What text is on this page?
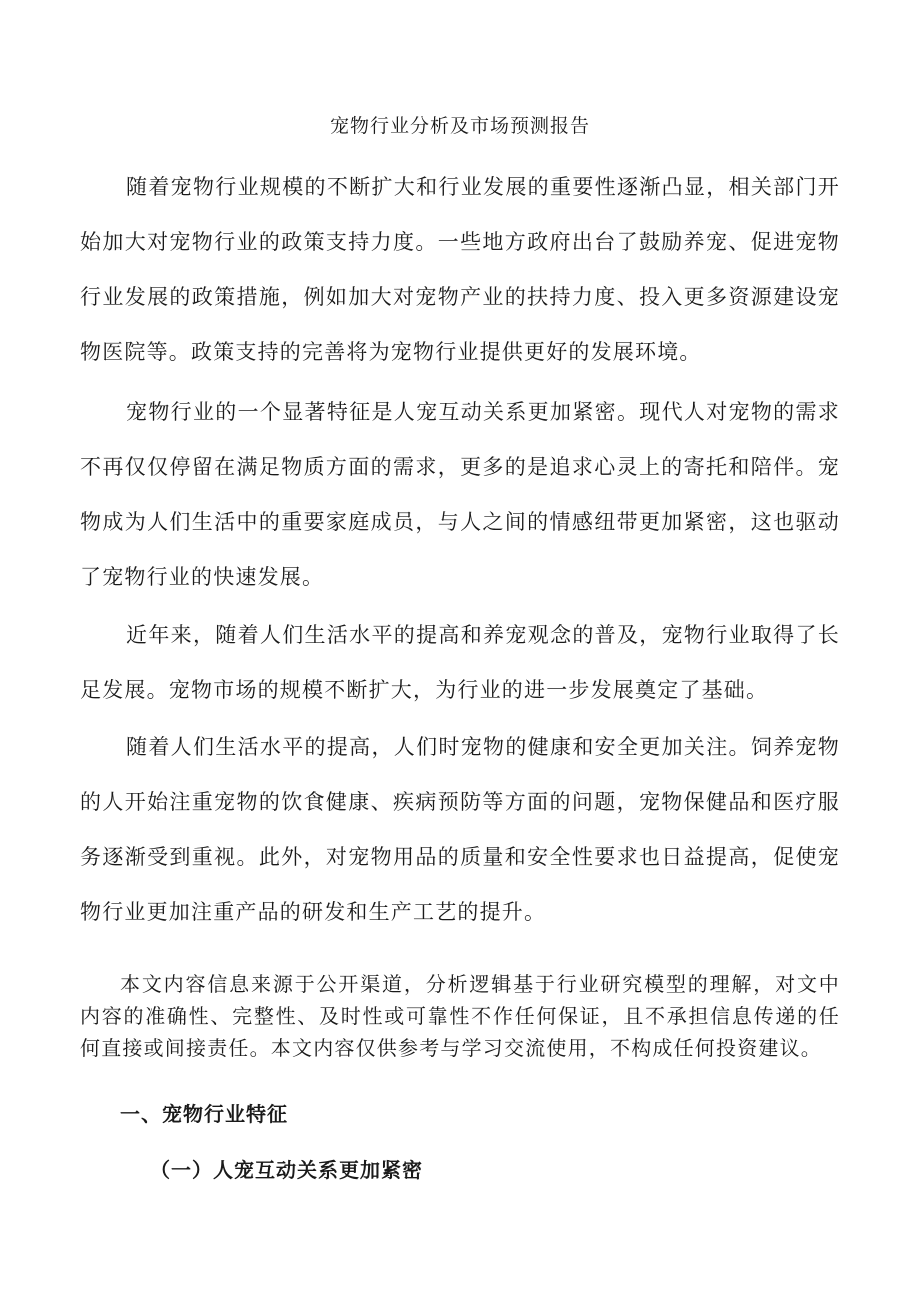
宠物行业分析及市场预测报告

随着宠物行业规模的不断扩大和行业发展的重要性逐渐凸显，相关部门开始加大对宠物行业的政策支持力度。一些地方政府出台了鼓励养宠、促进宠物行业发展的政策措施，例如加大对宠物产业的扶持力度、投入更多资源建设宠物医院等。政策支持的完善将为宠物行业提供更好的发展环境。

宠物行业的一个显著特征是人宠互动关系更加紧密。现代人对宠物的需求不再仅仅停留在满足物质方面的需求，更多的是追求心灵上的寄托和陪伴。宠物成为人们生活中的重要家庭成员，与人之间的情感纽带更加紧密，这也驱动了宠物行业的快速发展。

近年来，随着人们生活水平的提高和养宠观念的普及，宠物行业取得了长足发展。宠物市场的规模不断扩大，为行业的进一步发展奠定了基础。

随着人们生活水平的提高，人们时宠物的健康和安全更加关注。饲养宠物的人开始注重宠物的饮食健康、疾病预防等方面的问题，宠物保健品和医疗服务逐渐受到重视。此外，对宠物用品的质量和安全性要求也日益提高，促使宠物行业更加注重产品的研发和生产工艺的提升。

本文内容信息来源于公开渠道，分析逻辑基于行业研究模型的理解，对文中内容的准确性、完整性、及时性或可靠性不作任何保证，且不承担信息传递的任何直接或间接责任。本文内容仅供参考与学习交流使用，不构成任何投资建议。

一、宠物行业特征
（一）人宠互动关系更加紧密
